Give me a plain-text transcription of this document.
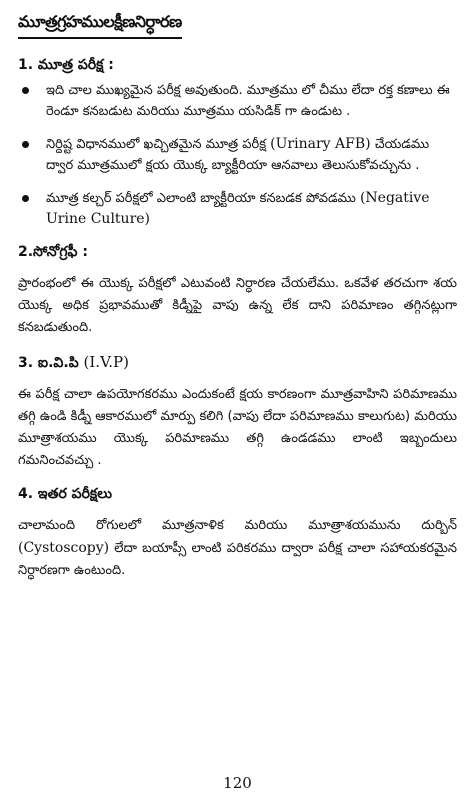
మూత్రగ్రహములక్షీణనిర్ధారణ
1. మూత్ర పరీక్ష :
ఇది చాల ముఖ్యమైన పరీక్ష అవుతుంది. మూత్రము లో చీము లేదా రక్త కణాలు ఈ రెండూ కనబడుట మరియు మూత్రము యసిడిక్ గా ఉండుట .
నిర్దిష్ట విధానములో ఖచ్చితమైన మూత్ర పరీక్ష (Urinary AFB) చేయడము ద్వార మూత్రములో క్షయ యొక్క బ్యాక్టీరియా ఆనవాలు తెలుసుకోవచ్చును .
మూత్ర కల్చర్ పరీక్షలో ఎలాంటి బ్యాక్టీరియా కనబడక పోవడము (Negative Urine Culture)
2.సోనోగ్రఫీ :

ప్రారంభంలో ఈ యొక్క పరీక్షలో ఎటువంటి నిర్ధారణ చేయలేము. ఒకవేళ తరచుగా శయ యొక్క అధిక ప్రభావముతో కిడ్నీపై వాపు ఉన్న లేక దాని పరిమాణం తగ్గినట్లుగా కనబడుతుంది.

3. ఐ.వి.పి (I.V.P)

ఈ పరీక్ష చాలా ఉపయోగకరము ఎందుకంటే క్షయ కారణంగా మూత్రవాహిని పరిమాణము తగ్గి ఉండి కిడ్నీ ఆకారములో మార్పు కలిగి (వాపు లేదా పరిమాణము కాలుగుట) మరియు మూత్రాశయము యొక్క పరిమాణము తగ్గి ఉండడము లాంటి ఇబ్బందులు గమనించవచ్చు .

4. ఇతర పరీక్షలు

చాలామంది రోగులలో మూత్రనాళిక మరియు మూత్రాశయమును దుర్బిన్ (Cystoscopy) లేదా బయాప్సీ లాంటి పరికరము ద్వారా పరీక్ష చాలా సహాయకరమైన నిర్ధారణగా ఉంటుంది.

120
